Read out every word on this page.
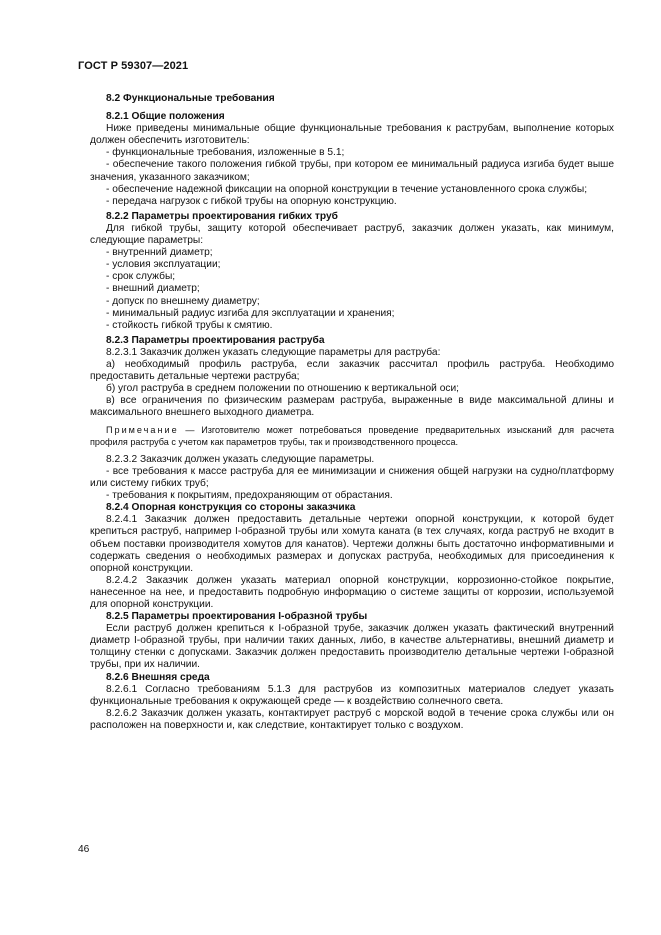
ГОСТ Р 59307—2021

8.2 Функциональные требования

8.2.1 Общие положения

Ниже приведены минимальные общие функциональные требования к раструбам, выполнение которых должен обеспечить изготовитель:

- функциональные требования, изложенные в 5.1;

- обеспечение такого положения гибкой трубы, при котором ее минимальный радиуса изгиба будет выше значения, указанного заказчиком;

- обеспечение надежной фиксации на опорной конструкции в течение установленного срока службы;

- передача нагрузок с гибкой трубы на опорную конструкцию.

8.2.2 Параметры проектирования гибких труб

Для гибкой трубы, защиту которой обеспечивает раструб, заказчик должен указать, как минимум, следующие параметры:

- внутренний диаметр;

- условия эксплуатации;

- срок службы;

- внешний диаметр;

- допуск по внешнему диаметру;

- минимальный радиус изгиба для эксплуатации и хранения;

- стойкость гибкой трубы к смятию.

8.2.3 Параметры проектирования раструба

8.2.3.1 Заказчик должен указать следующие параметры для раструба:

а) необходимый профиль раструба, если заказчик рассчитал профиль раструба. Необходимо предоставить детальные чертежи раструба;

б) угол раструба в среднем положении по отношению к вертикальной оси;

в) все ограничения по физическим размерам раструба, выраженные в виде максимальной длины и максимального внешнего выходного диаметра.

Примечание — Изготовителю может потребоваться проведение предварительных изысканий для расчета профиля раструба с учетом как параметров трубы, так и производственного процесса.

8.2.3.2 Заказчик должен указать следующие параметры.

- все требования к массе раструба для ее минимизации и снижения общей нагрузки на судно/платформу или систему гибких труб;

- требования к покрытиям, предохраняющим от обрастания.

8.2.4 Опорная конструкция со стороны заказчика

8.2.4.1 Заказчик должен предоставить детальные чертежи опорной конструкции, к которой будет крепиться раструб, например I-образной трубы или хомута каната (в тех случаях, когда раструб не входит в объем поставки производителя хомутов для канатов). Чертежи должны быть достаточно информативными и содержать сведения о необходимых размерах и допусках раструба, необходимых для присоединения к опорной конструкции.

8.2.4.2 Заказчик должен указать материал опорной конструкции, коррозионно-стойкое покрытие, нанесенное на нее, и предоставить подробную информацию о системе защиты от коррозии, используемой для опорной конструкции.

8.2.5 Параметры проектирования I-образной трубы

Если раструб должен крепиться к I-образной трубе, заказчик должен указать фактический внутренний диаметр I-образной трубы, при наличии таких данных, либо, в качестве альтернативы, внешний диаметр и толщину стенки с допусками. Заказчик должен предоставить производителю детальные чертежи I-образной трубы, при их наличии.

8.2.6 Внешняя среда

8.2.6.1 Согласно требованиям 5.1.3 для раструбов из композитных материалов следует указать функциональные требования к окружающей среде — к воздействию солнечного света.

8.2.6.2 Заказчик должен указать, контактирует раструб с морской водой в течение срока службы или он расположен на поверхности и, как следствие, контактирует только с воздухом.

46
